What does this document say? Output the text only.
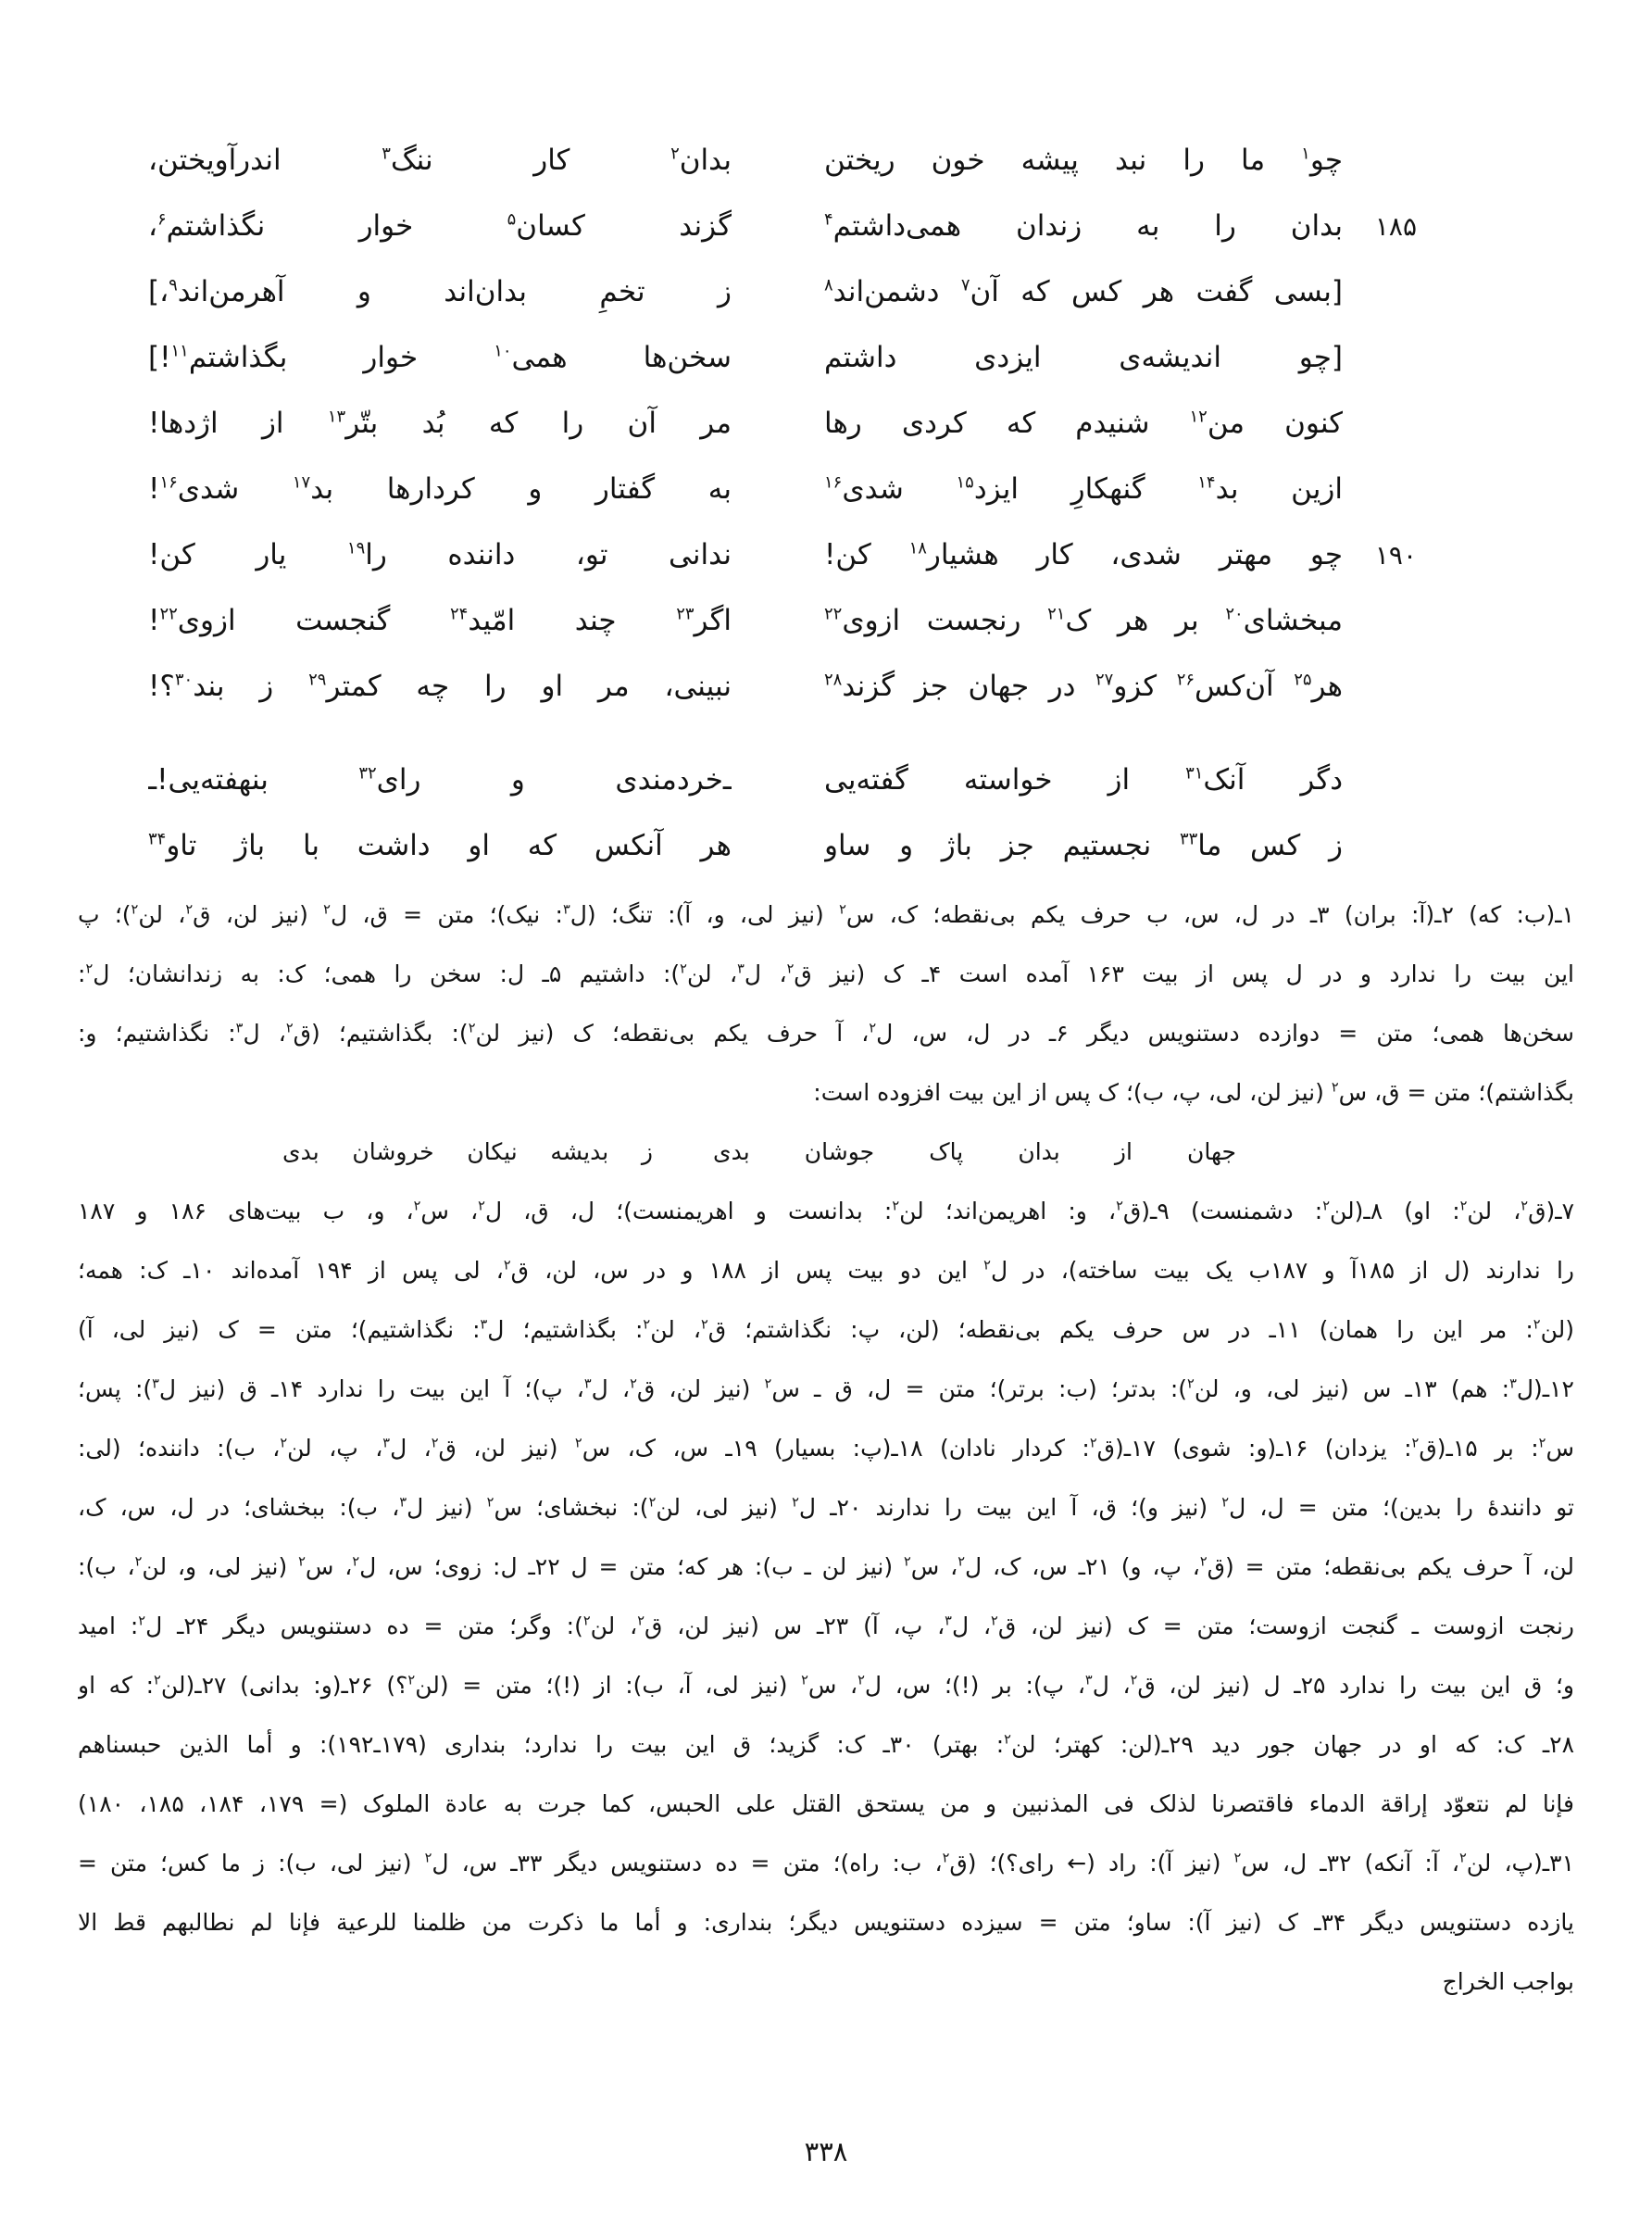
چو$^۱$ ما را نبد پیشه خون ریختن
بدان$^۲$ کار ننگ$^۳$ اندرآویختن،
۱۸۵
بدان را به زندان همی‌داشتم$^۴$
گزند کسان$^۵$ خوار نگذاشتم$^۶$،
[بسی گفت هر کس که آن$^۷$ دشمن‌اند$^۸$
ز تخمِ بدان‌اند و آهرمن‌اند$^۹$،]
[چو اندیشه‌ی ایزدی داشتم
سخن‌ها همی$^{۱۰}$ خوار بگذاشتم$^{۱۱}$!]
کنون من$^{۱۲}$ شنیدم که کردی رها
مر آن را که بُد بتّر$^{۱۳}$ از اژدها!
ازین بد$^{۱۴}$ گنهکارِ ایزد$^{۱۵}$ شدی$^{۱۶}$
به گفتار و کردارها بد$^{۱۷}$ شدی$^{۱۶}$!
۱۹۰
چو مهتر شدی، کار هشیار$^{۱۸}$ کن!
ندانی تو، داننده را$^{۱۹}$ یار کن!
مبخشای$^{۲۰}$ بر هر ک$^{۲۱}$ رنجست ازوی$^{۲۲}$
اگر$^{۲۳}$ چند امّید$^{۲۴}$ گنجست ازوی$^{۲۲}$!
هر$^{۲۵}$ آن‌کس$^{۲۶}$ کزو$^{۲۷}$ در جهان جز گزند$^{۲۸}$
نبینی، مر او را چه کمتر$^{۲۹}$ ز بند$^{۳۰}$؟!
دگر آنک$^{۳۱}$ از خواسته گفته‌یی
ـ‌خردمندی و رای$^{۳۲}$ بنهفته‌یی!ـ
ز کس ما$^{۳۳}$ نجستیم جز باژ و ساو
هر آنکس که او داشت با باژ تاو$^{۳۴}$
۱ـ(ب: که) ۲ـ(آ: بران) ۳ـ در ل، س، ب حرف یکم بی‌نقطه؛ ک، س$^۲$ (نیز لی، و، آ): تنگ؛ (ل$^۳$: نیک)؛ متن = ق، ل$^۲$ (نیز لن، ق$^۲$، لن$^۲$)؛ پ
این بیت را ندارد و در ل پس از بیت ۱۶۳ آمده است ۴ـ ک (نیز ق$^۲$، ل$^۳$، لن$^۲$): داشتیم ۵ـ ل: سخن را همی؛ ک: به زندانشان؛ ل$^۲$:
سخن‌ها همی؛ متن = دوازده دستنویس دیگر ۶ـ در ل، س، ل$^۲$، آ حرف یکم بی‌نقطه؛ ک (نیز لن$^۲$): بگذاشتیم؛ (ق$^۲$، ل$^۳$: نگذاشتیم؛ و:
بگذاشتم)؛ متن = ق، س$^۲$ (نیز لن، لی، پ، ب)؛ ک پس از این بیت افزوده است:
جهان از بدان پاک جوشان بدی
ز بدیشه نیکان خروشان بدی
۷ـ(ق$^۲$، لن$^۲$: او) ۸ـ(لن$^۲$: دشمنست) ۹ـ(ق$^۲$، و: اهریمن‌اند؛ لن$^۲$: بدانست و اهریمنست)؛ ل، ق، ل$^۲$، س$^۲$، و، ب بیت‌های ۱۸۶ و ۱۸۷
را ندارند (ل از ۱۸۵آ و ۱۸۷ب یک بیت ساخته)، در ل$^۲$ این دو بیت پس از ۱۸۸ و در س، لن، ق$^۲$، لی پس از ۱۹۴ آمده‌اند ۱۰ـ ک: همه؛
(لن$^۲$: مر این را همان) ۱۱ـ در س حرف یکم بی‌نقطه؛ (لن، پ: نگذاشتم؛ ق$^۲$، لن$^۲$: بگذاشتیم؛ ل$^۳$: نگذاشتیم)؛ متن = ک (نیز لی، آ)
۱۲ـ(ل$^۳$: هم) ۱۳ـ س (نیز لی، و، لن$^۲$): بدتر؛ (ب: برتر)؛ متن = ل، ق ـ س$^۲$ (نیز لن، ق$^۲$، ل$^۳$، پ)؛ آ این بیت را ندارد ۱۴ـ ق (نیز ل$^۳$): پس؛
س$^۲$: بر ۱۵ـ(ق$^۲$: یزدان) ۱۶ـ(و: شوی) ۱۷ـ(ق$^۲$: کردار نادان) ۱۸ـ(پ: بسیار) ۱۹ـ س، ک، س$^۲$ (نیز لن، ق$^۲$، ل$^۳$، پ، لن$^۲$، ب): داننده؛ (لی:
تو دانندهٔ را بدین)؛ متن = ل، ل$^۲$ (نیز و)؛ ق، آ این بیت را ندارند ۲۰ـ ل$^۲$ (نیز لی، لن$^۲$): نبخشای؛ س$^۲$ (نیز ل$^۳$، ب): ببخشای؛ در ل، س، ک،
لن، آ حرف یکم بی‌نقطه؛ متن = (ق$^۲$، پ، و) ۲۱ـ س، ک، ل$^۲$، س$^۲$ (نیز لن ـ ب): هر که؛ متن = ل ۲۲ـ ل: زوی؛ س، ل$^۲$، س$^۲$ (نیز لی، و، لن$^۲$، ب):
رنجت ازوست ـ گنجت ازوست؛ متن = ک (نیز لن، ق$^۲$، ل$^۳$، پ، آ) ۲۳ـ س (نیز لن، ق$^۲$، لن$^۲$): وگر؛ متن = ده دستنویس دیگر ۲۴ـ ل$^۲$: امید
و؛ ق این بیت را ندارد ۲۵ـ ل (نیز لن، ق$^۲$، ل$^۳$، پ): بر (!)؛ س، ل$^۲$، س$^۲$ (نیز لی، آ، ب): از (!)؛ متن = (لن$^۲$؟) ۲۶ـ(و: بدانی) ۲۷ـ(لن$^۲$: که او
۲۸ـ ک: که او در جهان جور دید ۲۹ـ(لن: کهتر؛ لن$^۲$: بهتر) ۳۰ـ ک: گزید؛ ق این بیت را ندارد؛ بنداری (۱۷۹ـ۱۹۲): و أما الذین حبسناهم
فإنا لم نتعوّد إراقة الدماء فاقتصرنا لذلک فی المذنبین و من یستحق القتل علی الحبس، کما جرت به عادة الملوک (= ۱۷۹، ۱۸۴، ۱۸۵، ۱۸۰)
۳۱ـ(پ، لن$^۲$، آ: آنکه) ۳۲ـ ل، س$^۲$ (نیز آ): راد (← رای؟)؛ (ق$^۲$، ب: راه)؛ متن = ده دستنویس دیگر ۳۳ـ س، ل$^۲$ (نیز لی، ب): ز ما کس؛ متن =
یازده دستنویس دیگر ۳۴ـ ک (نیز آ): ساو؛ متن = سیزده دستنویس دیگر؛ بنداری: و أما ما ذکرت من ظلمنا للرعیة فإنا لم نطالبهم قط الا
بواجب الخراج
۳۳۸
